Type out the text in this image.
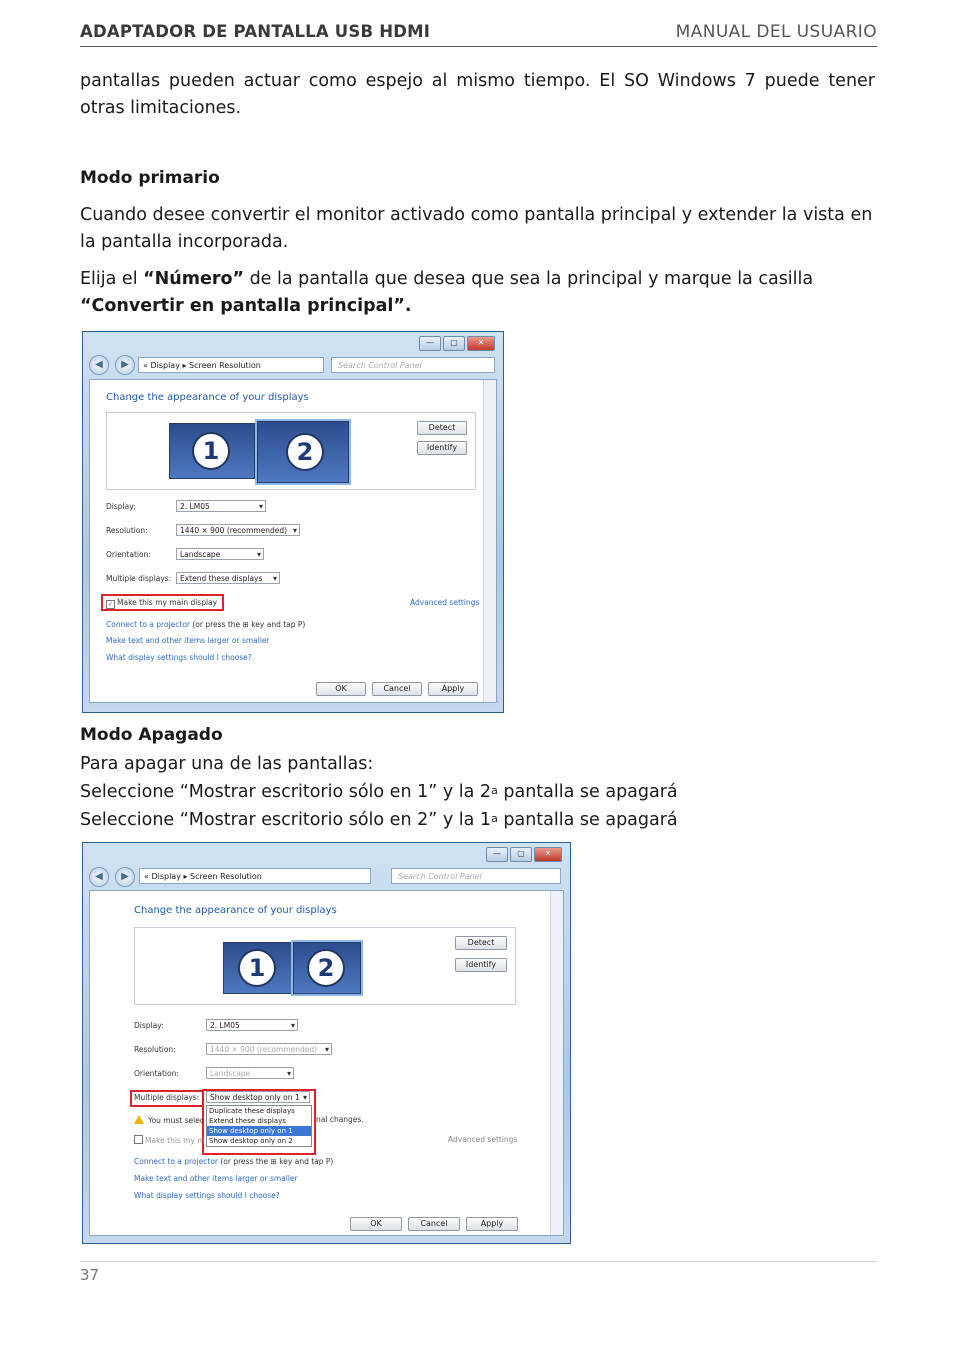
ADAPTADOR DE PANTALLA USB HDMI	MANUAL DEL USUARIO
pantallas pueden actuar como espejo al mismo tiempo. El SO Windows 7 puede tener otras limitaciones.
Modo primario
Cuando desee convertir el monitor activado como pantalla principal y extender la vista en la pantalla incorporada.
Elija el “Número” de la pantalla que desea que sea la principal y marque la casilla “Convertir en pantalla principal”.
—	▢	✕
◀	▶	« Display ▸ Screen Resolution	Search Control Panel
Change the appearance of your displays
1	2
Detect
Identify
Display:	2. LM05 ▾
Resolution:	1440 × 900 (recommended) ▾
Orientation:	Landscape ▾
Multiple displays:	Extend these displays ▾
✓ Make this my main display	Advanced settings
Connect to a projector (or press the ⊞ key and tap P)
Make text and other items larger or smaller
What display settings should I choose?
OK	Cancel	Apply
Modo Apagado
Para apagar una de las pantallas:
Seleccione “Mostrar escritorio sólo en 1” y la 2$^a$ pantalla se apagará
Seleccione “Mostrar escritorio sólo en 2” y la 1$^a$ pantalla se apagará
—	▢	✕
◀	▶	« Display ▸ Screen Resolution	Search Control Panel
Change the appearance of your displays
1	2
Detect
Identify
Display:	2. LM05 ▾
Resolution:	1440 × 900 (recommended) ▾
Orientation:	Landscape ▾
Multiple displays:	Show desktop only on 1 ▾
Duplicate these displays
Extend these displays
Show desktop only on 1
Show desktop only on 2
You must selec	nal changes.
Make this my m	Advanced settings
Connect to a projector (or press the ⊞ key and tap P)
Make text and other items larger or smaller
What display settings should I choose?
OK	Cancel	Apply
37
